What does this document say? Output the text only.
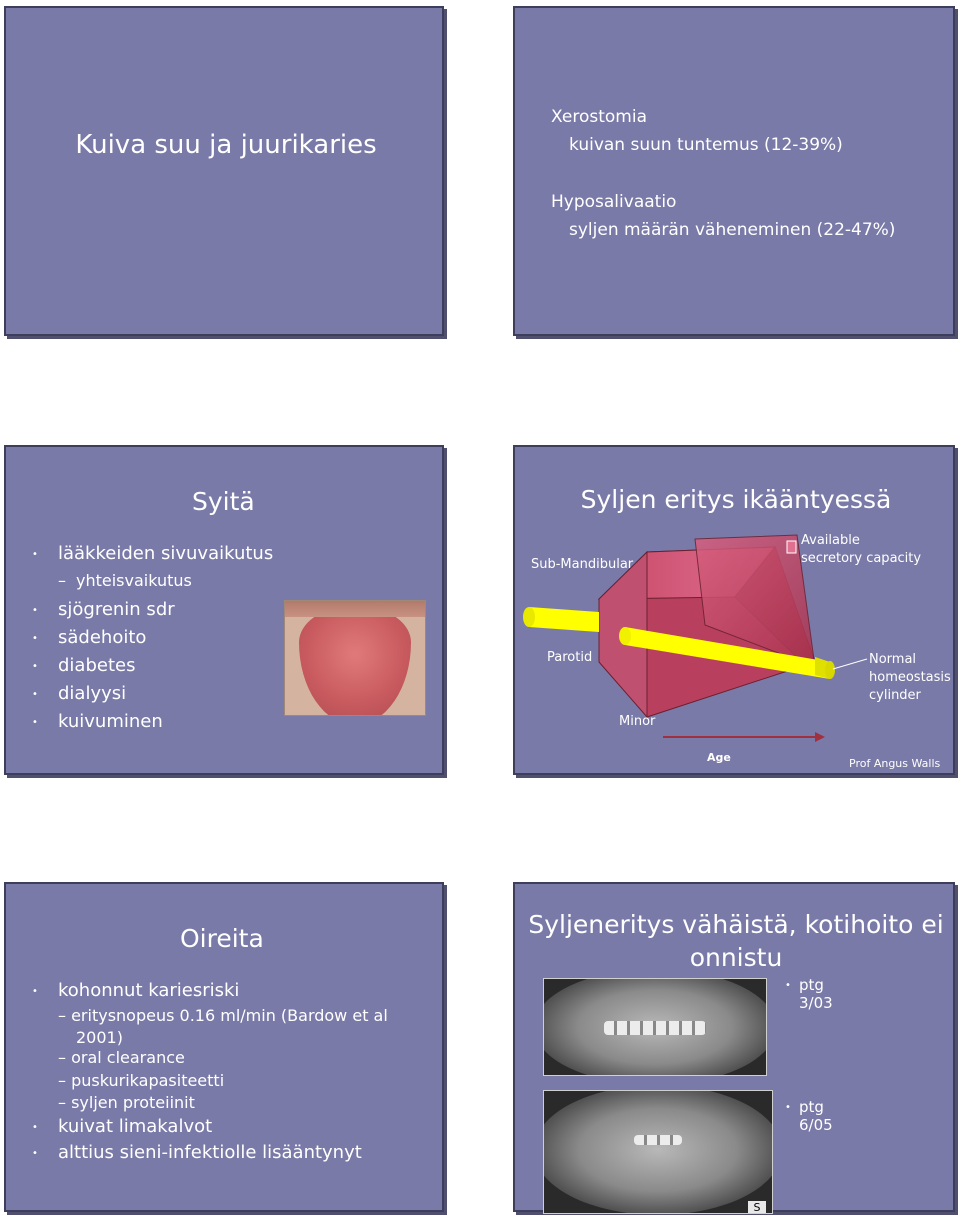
Kuiva suu ja juurikaries
Xerostomia
kuivan suun tuntemus (12-39%)
Hyposalivaatio
syljen määrän väheneminen (22-47%)
Syitä
• lääkkeiden sivuvaikutus
– yhteisvaikutus
• sjögrenin sdr
• sädehoito
• diabetes
• dialyysi
• kuivuminen
Syljen eritys ikääntyessä
Sub-Mandibular
Parotid
Minor
Available
secretory capacity
Normal
homeostasis
cylinder
Age	Prof Angus Walls
Oireita
• kohonnut kariesriski
– eritysnopeus 0.16 ml/min (Bardow et al
2001)
– oral clearance
– puskurikapasiteetti
– syljen proteiinit
• kuivat limakalvot
• alttius sieni-infektiolle lisääntynyt
Syljeneritys vähäistä, kotihoito ei onnistu
S
• ptg
3/03
• ptg
6/05
